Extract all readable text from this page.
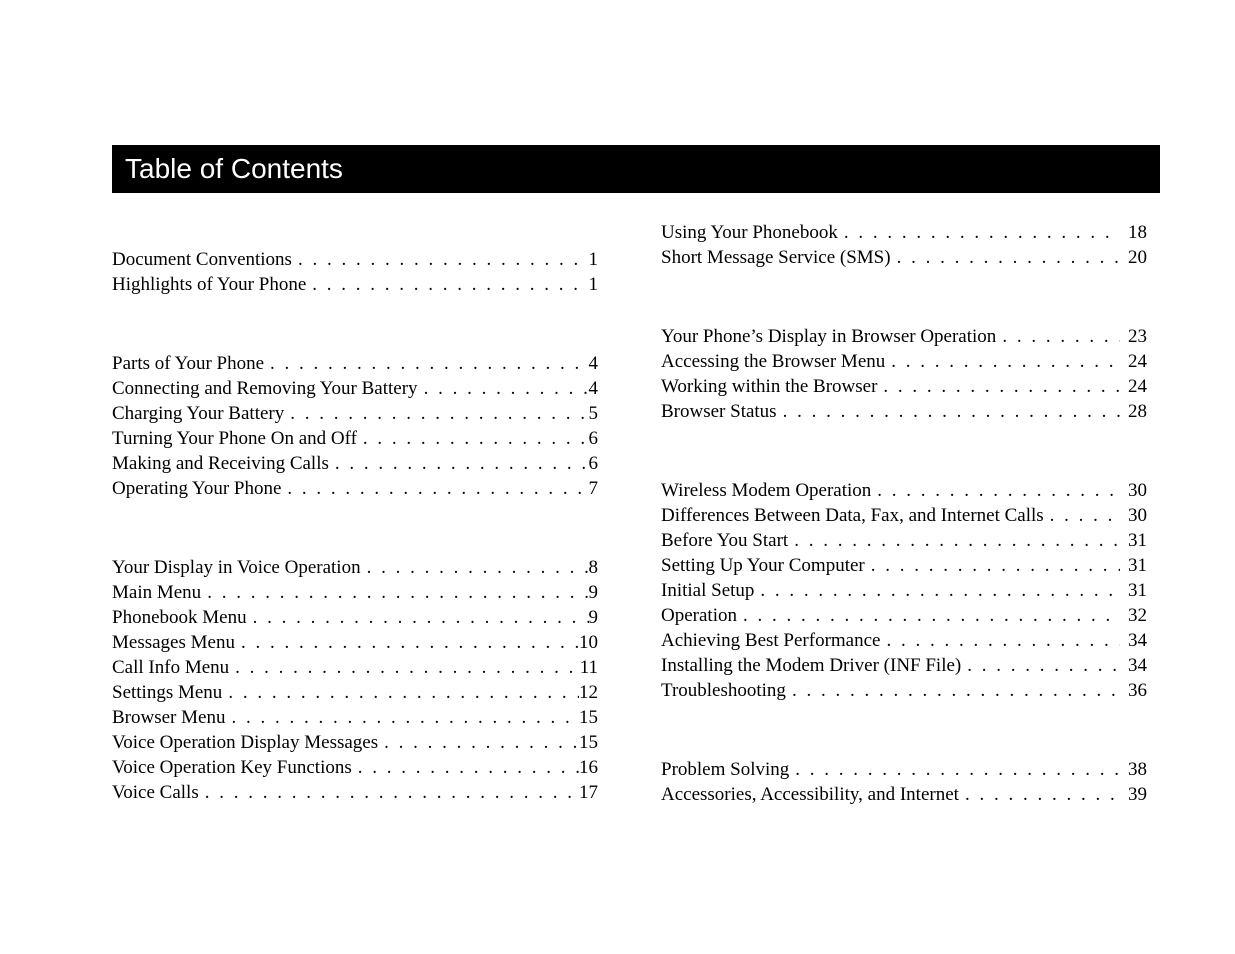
Table of Contents
Document Conventions . . .	1
Highlights of Your Phone . . .	1
Parts of Your Phone . . .	4
Connecting and Removing Your Battery . . .	4
Charging Your Battery . . .	5
Turning Your Phone On and Off . . .	6
Making and Receiving Calls . . .	6
Operating Your Phone . . .	7
Your Display in Voice Operation . . .	8
Main Menu . . .	9
Phonebook Menu . . .	9
Messages Menu . . .	10
Call Info Menu . . .	11
Settings Menu . . .	12
Browser Menu . . .	15
Voice Operation Display Messages . . .	15
Voice Operation Key Functions . . .	16
Voice Calls . . .	17
Using Your Phonebook . . .	18
Short Message Service (SMS) . . .	20
Your Phone’s Display in Browser Operation . . .	23
Accessing the Browser Menu . . .	24
Working within the Browser . . .	24
Browser Status . . .	28
Wireless Modem Operation . . .	30
Differences Between Data, Fax, and Internet Calls . . .	30
Before You Start . . .	31
Setting Up Your Computer . . .	31
Initial Setup . . .	31
Operation . . .	32
Achieving Best Performance . . .	34
Installing the Modem Driver (INF File) . . .	34
Troubleshooting . . .	36
Problem Solving . . .	38
Accessories, Accessibility, and Internet . . .	39
